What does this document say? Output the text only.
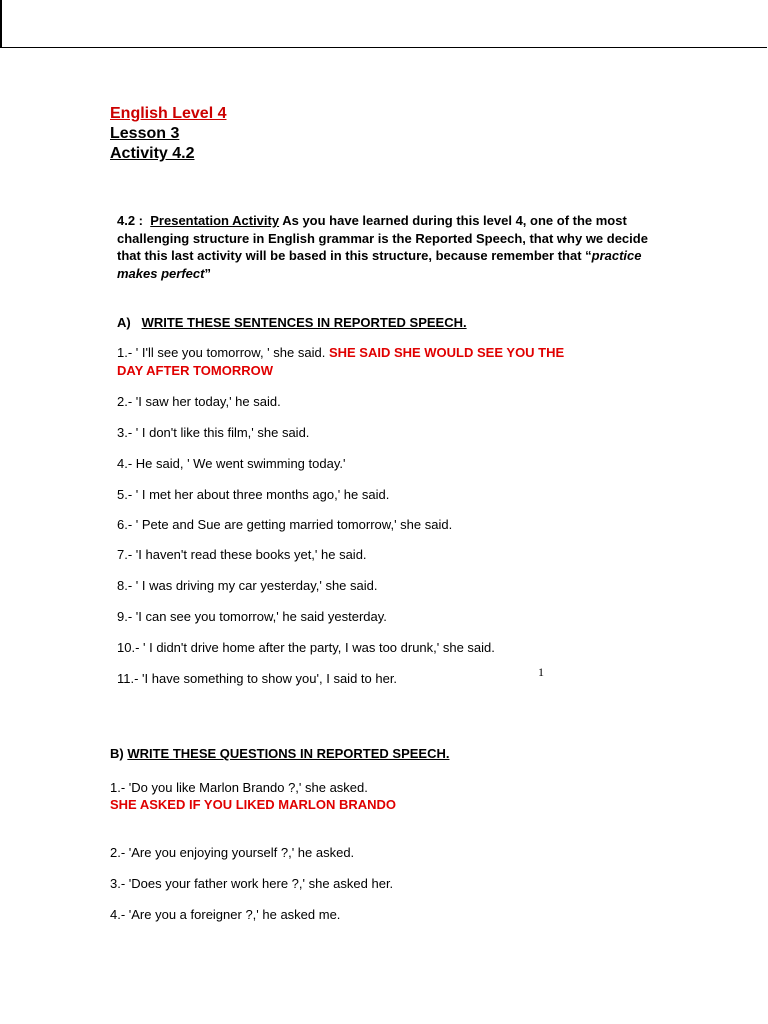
English Level 4

Lesson 3

Activity 4.2

4.2 : Presentation Activity As you have learned during this level 4, one of the most challenging structure in English grammar is the Reported Speech, that why we decide that this last activity will be based in this structure, because remember that “practice makes perfect”
A) WRITE THESE SENTENCES IN REPORTED SPEECH.
1.- ' I'll see you tomorrow, ' she said. SHE SAID SHE WOULD SEE YOU THE
DAY AFTER TOMORROW
2.- 'I saw her today,' he said.
3.- ' I don't like this film,' she said.
4.- He said, ' We went swimming today.'
5.- ' I met her about three months ago,' he said.
6.- ' Pete and Sue are getting married tomorrow,' she said.
7.- 'I haven't read these books yet,' he said.
8.- ' I was driving my car yesterday,' she said.
9.- 'I can see you tomorrow,' he said yesterday.
10.- ' I didn't drive home after the party, I was too drunk,' she said.
11.- 'I have something to show you', I said to her.	1
B) WRITE THESE QUESTIONS IN REPORTED SPEECH.
1.- 'Do you like Marlon Brando ?,' she asked.
SHE ASKED IF YOU LIKED MARLON BRANDO
2.- 'Are you enjoying yourself ?,' he asked.
3.- 'Does your father work here ?,' she asked her.
4.- 'Are you a foreigner ?,' he asked me.
